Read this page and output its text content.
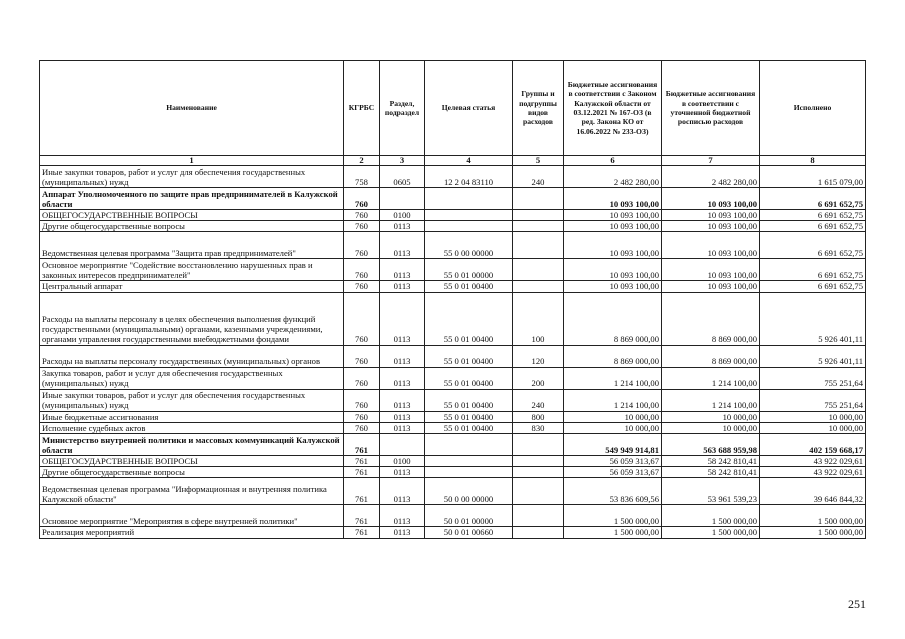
Наименование	КГРБС	Раздел, подраздел	Целевая статья	Группы и подгруппы видов расходов	Бюджетные ассигнования в соответствии с Законом Калужской области от 03.12.2021 № 167-ОЗ (в ред. Закона КО от 16.06.2022 № 233-ОЗ)	Бюджетные ассигнования в соответствии с уточненной бюджетной росписью расходов	Исполнено
1	2	3	4	5	6	7	8
Иные закупки товаров, работ и услуг для обеспечения государственных (муниципальных) нужд	758	0605	12 2 04 83110	240	2 482 280,00	2 482 280,00	1 615 079,00
Аппарат Уполномоченного по защите прав предпринимателей в Калужской области	760				10 093 100,00	10 093 100,00	6 691 652,75
ОБЩЕГОСУДАРСТВЕННЫЕ ВОПРОСЫ	760	0100			10 093 100,00	10 093 100,00	6 691 652,75
Другие общегосударственные вопросы	760	0113			10 093 100,00	10 093 100,00	6 691 652,75
Ведомственная целевая программа "Защита прав предпринимателей"	760	0113	55 0 00 00000		10 093 100,00	10 093 100,00	6 691 652,75
Основное мероприятие "Содействие восстановлению нарушенных прав и законных интересов предпринимателей"	760	0113	55 0 01 00000		10 093 100,00	10 093 100,00	6 691 652,75
Центральный аппарат	760	0113	55 0 01 00400		10 093 100,00	10 093 100,00	6 691 652,75
Расходы на выплаты персоналу в целях обеспечения выполнения функций государственными (муниципальными) органами, казенными учреждениями, органами управления государственными внебюджетными фондами	760	0113	55 0 01 00400	100	8 869 000,00	8 869 000,00	5 926 401,11
Расходы на выплаты персоналу государственных (муниципальных) органов	760	0113	55 0 01 00400	120	8 869 000,00	8 869 000,00	5 926 401,11
Закупка товаров, работ и услуг для обеспечения государственных (муниципальных) нужд	760	0113	55 0 01 00400	200	1 214 100,00	1 214 100,00	755 251,64
Иные закупки товаров, работ и услуг для обеспечения государственных (муниципальных) нужд	760	0113	55 0 01 00400	240	1 214 100,00	1 214 100,00	755 251,64
Иные бюджетные ассигнования	760	0113	55 0 01 00400	800	10 000,00	10 000,00	10 000,00
Исполнение судебных актов	760	0113	55 0 01 00400	830	10 000,00	10 000,00	10 000,00
Министерство внутренней политики и массовых коммуникаций Калужской области	761				549 949 914,81	563 688 959,98	402 159 668,17
ОБЩЕГОСУДАРСТВЕННЫЕ ВОПРОСЫ	761	0100			56 059 313,67	58 242 810,41	43 922 029,61
Другие общегосударственные вопросы	761	0113			56 059 313,67	58 242 810,41	43 922 029,61
Ведомственная целевая программа "Информационная и внутренняя политика Калужской области"	761	0113	50 0 00 00000		53 836 609,56	53 961 539,23	39 646 844,32
Основное мероприятие "Мероприятия в сфере внутренней политики"	761	0113	50 0 01 00000		1 500 000,00	1 500 000,00	1 500 000,00
Реализация мероприятий	761	0113	50 0 01 00660		1 500 000,00	1 500 000,00	1 500 000,00
251
